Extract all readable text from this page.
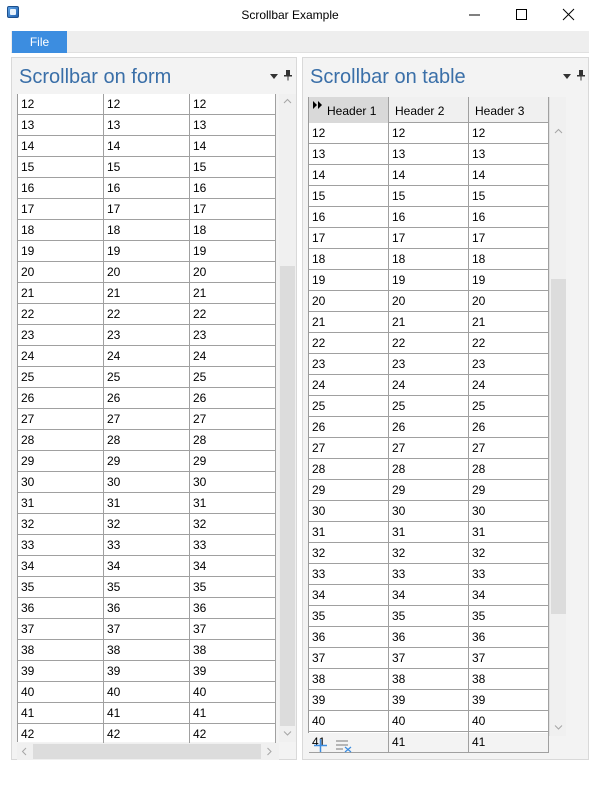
Scrollbar Example
File
Scrollbar on form
12	12	12
13	13	13
14	14	14
15	15	15
16	16	16
17	17	17
18	18	18
19	19	19
20	20	20
21	21	21
22	22	22
23	23	23
24	24	24
25	25	25
26	26	26
27	27	27
28	28	28
29	29	29
30	30	30
31	31	31
32	32	32
33	33	33
34	34	34
35	35	35
36	36	36
37	37	37
38	38	38
39	39	39
40	40	40
41	41	41
42	42	42
Scrollbar on table
Header 1	Header 2	Header 3
12	12	12
13	13	13
14	14	14
15	15	15
16	16	16
17	17	17
18	18	18
19	19	19
20	20	20
21	21	21
22	22	22
23	23	23
24	24	24
25	25	25
26	26	26
27	27	27
28	28	28
29	29	29
30	30	30
31	31	31
32	32	32
33	33	33
34	34	34
35	35	35
36	36	36
37	37	37
38	38	38
39	39	39
40	40	40
41	41	41
